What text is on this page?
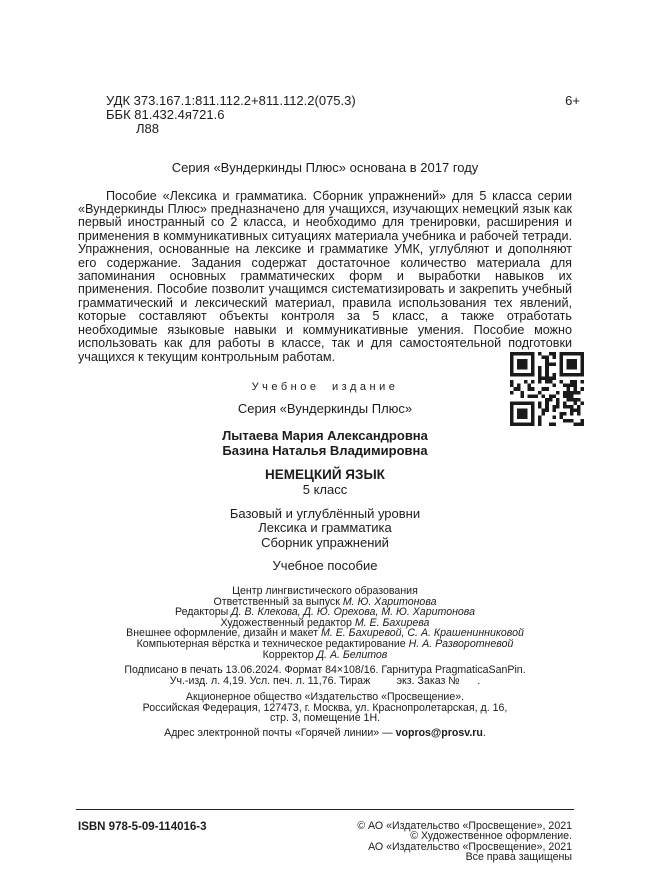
УДК 373.167.1:811.112.2+811.112.2(075.3)
ББК 81.432.4я721.6
Л88
6+
Серия «Вундеркинды Плюс» основана в 2017 году

Пособие «Лексика и грамматика. Сборник упражнений» для 5 класса серии «Вундеркинды Плюс» предназначено для учащихся, изучающих немецкий язык как первый иностранный со 2 класса, и необходимо для тренировки, расширения и применения в коммуникативных ситуациях материала учебника и рабочей тетради. Упражнения, основанные на лексике и грамматике УМК, углубляют и дополняют его содержание. Задания содержат достаточное количество материала для запоминания основных грамматических форм и выработки навыков их применения. Пособие позволит учащимся систематизировать и закрепить учебный грамматический и лексический материал, правила использования тех явлений, которые составляют объекты контроля за 5 класс, а также отработать необходимые языковые навыки и коммуникативные умения. Пособие можно использовать как для работы в классе, так и для самостоятельной подготовки учащихся к текущим контрольным работам.

Учебное издание
Серия «Вундеркинды Плюс»
Лытаева Мария Александровна
Базина Наталья Владимировна
НЕМЕЦКИЙ ЯЗЫК
5 класс
Базовый и углублённый уровни
Лексика и грамматика
Сборник упражнений
Учебное пособие
Центр лингвистического образования
Ответственный за выпуск М. Ю. Харитонова
Редакторы Д. В. Клекова, Д. Ю. Орехова, М. Ю. Харитонова
Художественный редактор М. Е. Бахирева
Внешнее оформление, дизайн и макет М. Е. Бахиревой, С. А. Крашенинниковой
Компьютерная вёрстка и техническое редактирование Н. А. Разворотневой
Корректор Д. А. Белитов
Подписано в печать 13.06.2024. Формат 84×108/16. Гарнитура PragmaticaSanPin.
Уч.-изд. л. 4,19. Усл. печ. л. 11,76. Тираж         экз. Заказ №      .
Акционерное общество «Издательство «Просвещение».
Российская Федерация, 127473, г. Москва, ул. Краснопролетарская, д. 16,
стр. 3, помещение 1Н.
Адрес электронной почты «Горячей линии» — vopros@prosv.ru.
ISBN 978-5-09-114016-3	© АО «Издательство «Просвещение», 2021
© Художественное оформление.
АО «Издательство «Просвещение», 2021
Все права защищены
